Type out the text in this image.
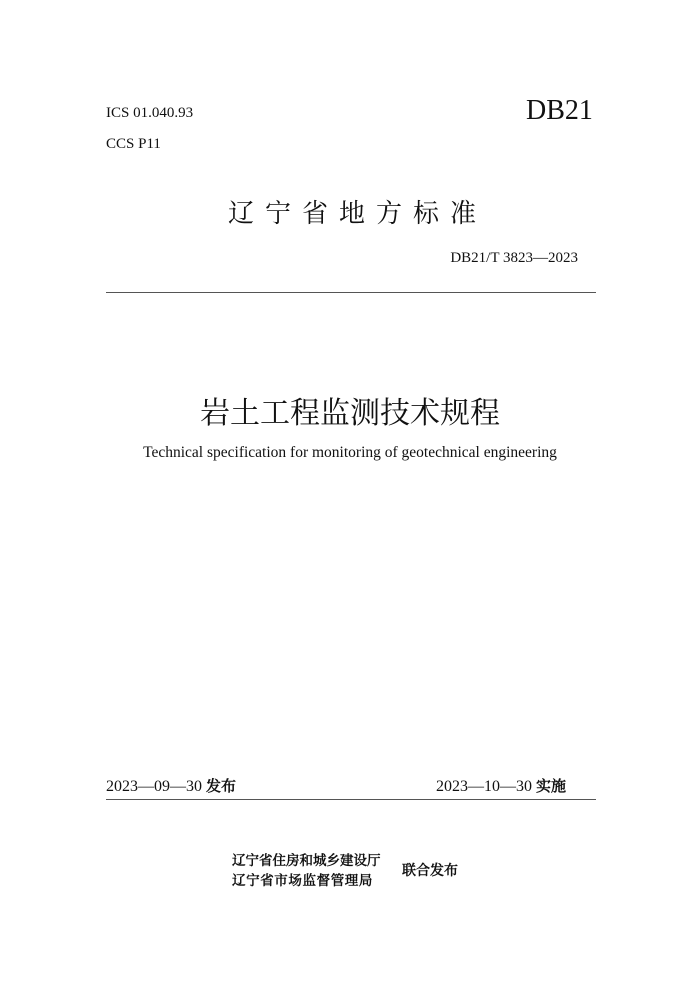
ICS 01.040.93
CCS P11
DB21
辽宁省地方标准
DB21/T 3823—2023
岩土工程监测技术规程
Technical specification for monitoring of geotechnical engineering
2023—09—30 发布	2023—10—30 实施
辽宁省住房和城乡建设厅
辽宁省市场监督管理局
联合发布
